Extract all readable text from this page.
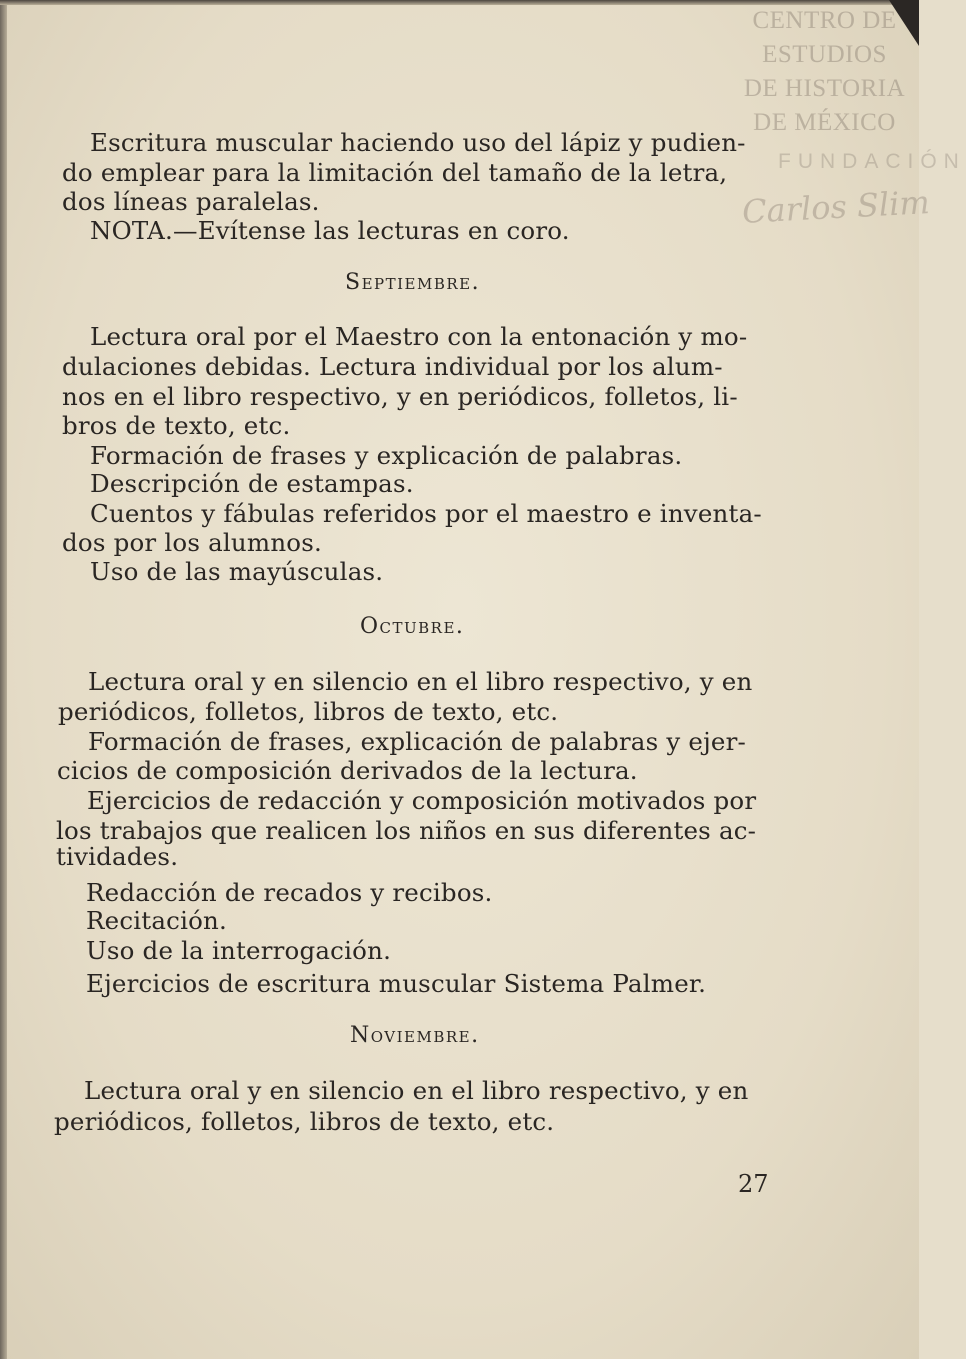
CENTRO DE
ESTUDIOS
DE HISTORIA
DE MÉXICO
FUNDACIÓN
Carlos Slim
Escritura muscular haciendo uso del lápiz y pudien-
do emplear para la limitación del tamaño de la letra,
dos líneas paralelas.
NOTA.—Evítense las lecturas en coro.
Septiembre.
Lectura oral por el Maestro con la entonación y mo-
dulaciones debidas. Lectura individual por los alum-
nos en el libro respectivo, y en periódicos, folletos, li-
bros de texto, etc.
Formación de frases y explicación de palabras.
Descripción de estampas.
Cuentos y fábulas referidos por el maestro e inventa-
dos por los alumnos.
Uso de las mayúsculas.
Octubre.
Lectura oral y en silencio en el libro respectivo, y en
periódicos, folletos, libros de texto, etc.
Formación de frases, explicación de palabras y ejer-
cicios de composición derivados de la lectura.
Ejercicios de redacción y composición motivados por
los trabajos que realicen los niños en sus diferentes ac-
tividades.
Redacción de recados y recibos.
Recitación.
Uso de la interrogación.
Ejercicios de escritura muscular Sistema Palmer.
Noviembre.
Lectura oral y en silencio en el libro respectivo, y en
periódicos, folletos, libros de texto, etc.
27
